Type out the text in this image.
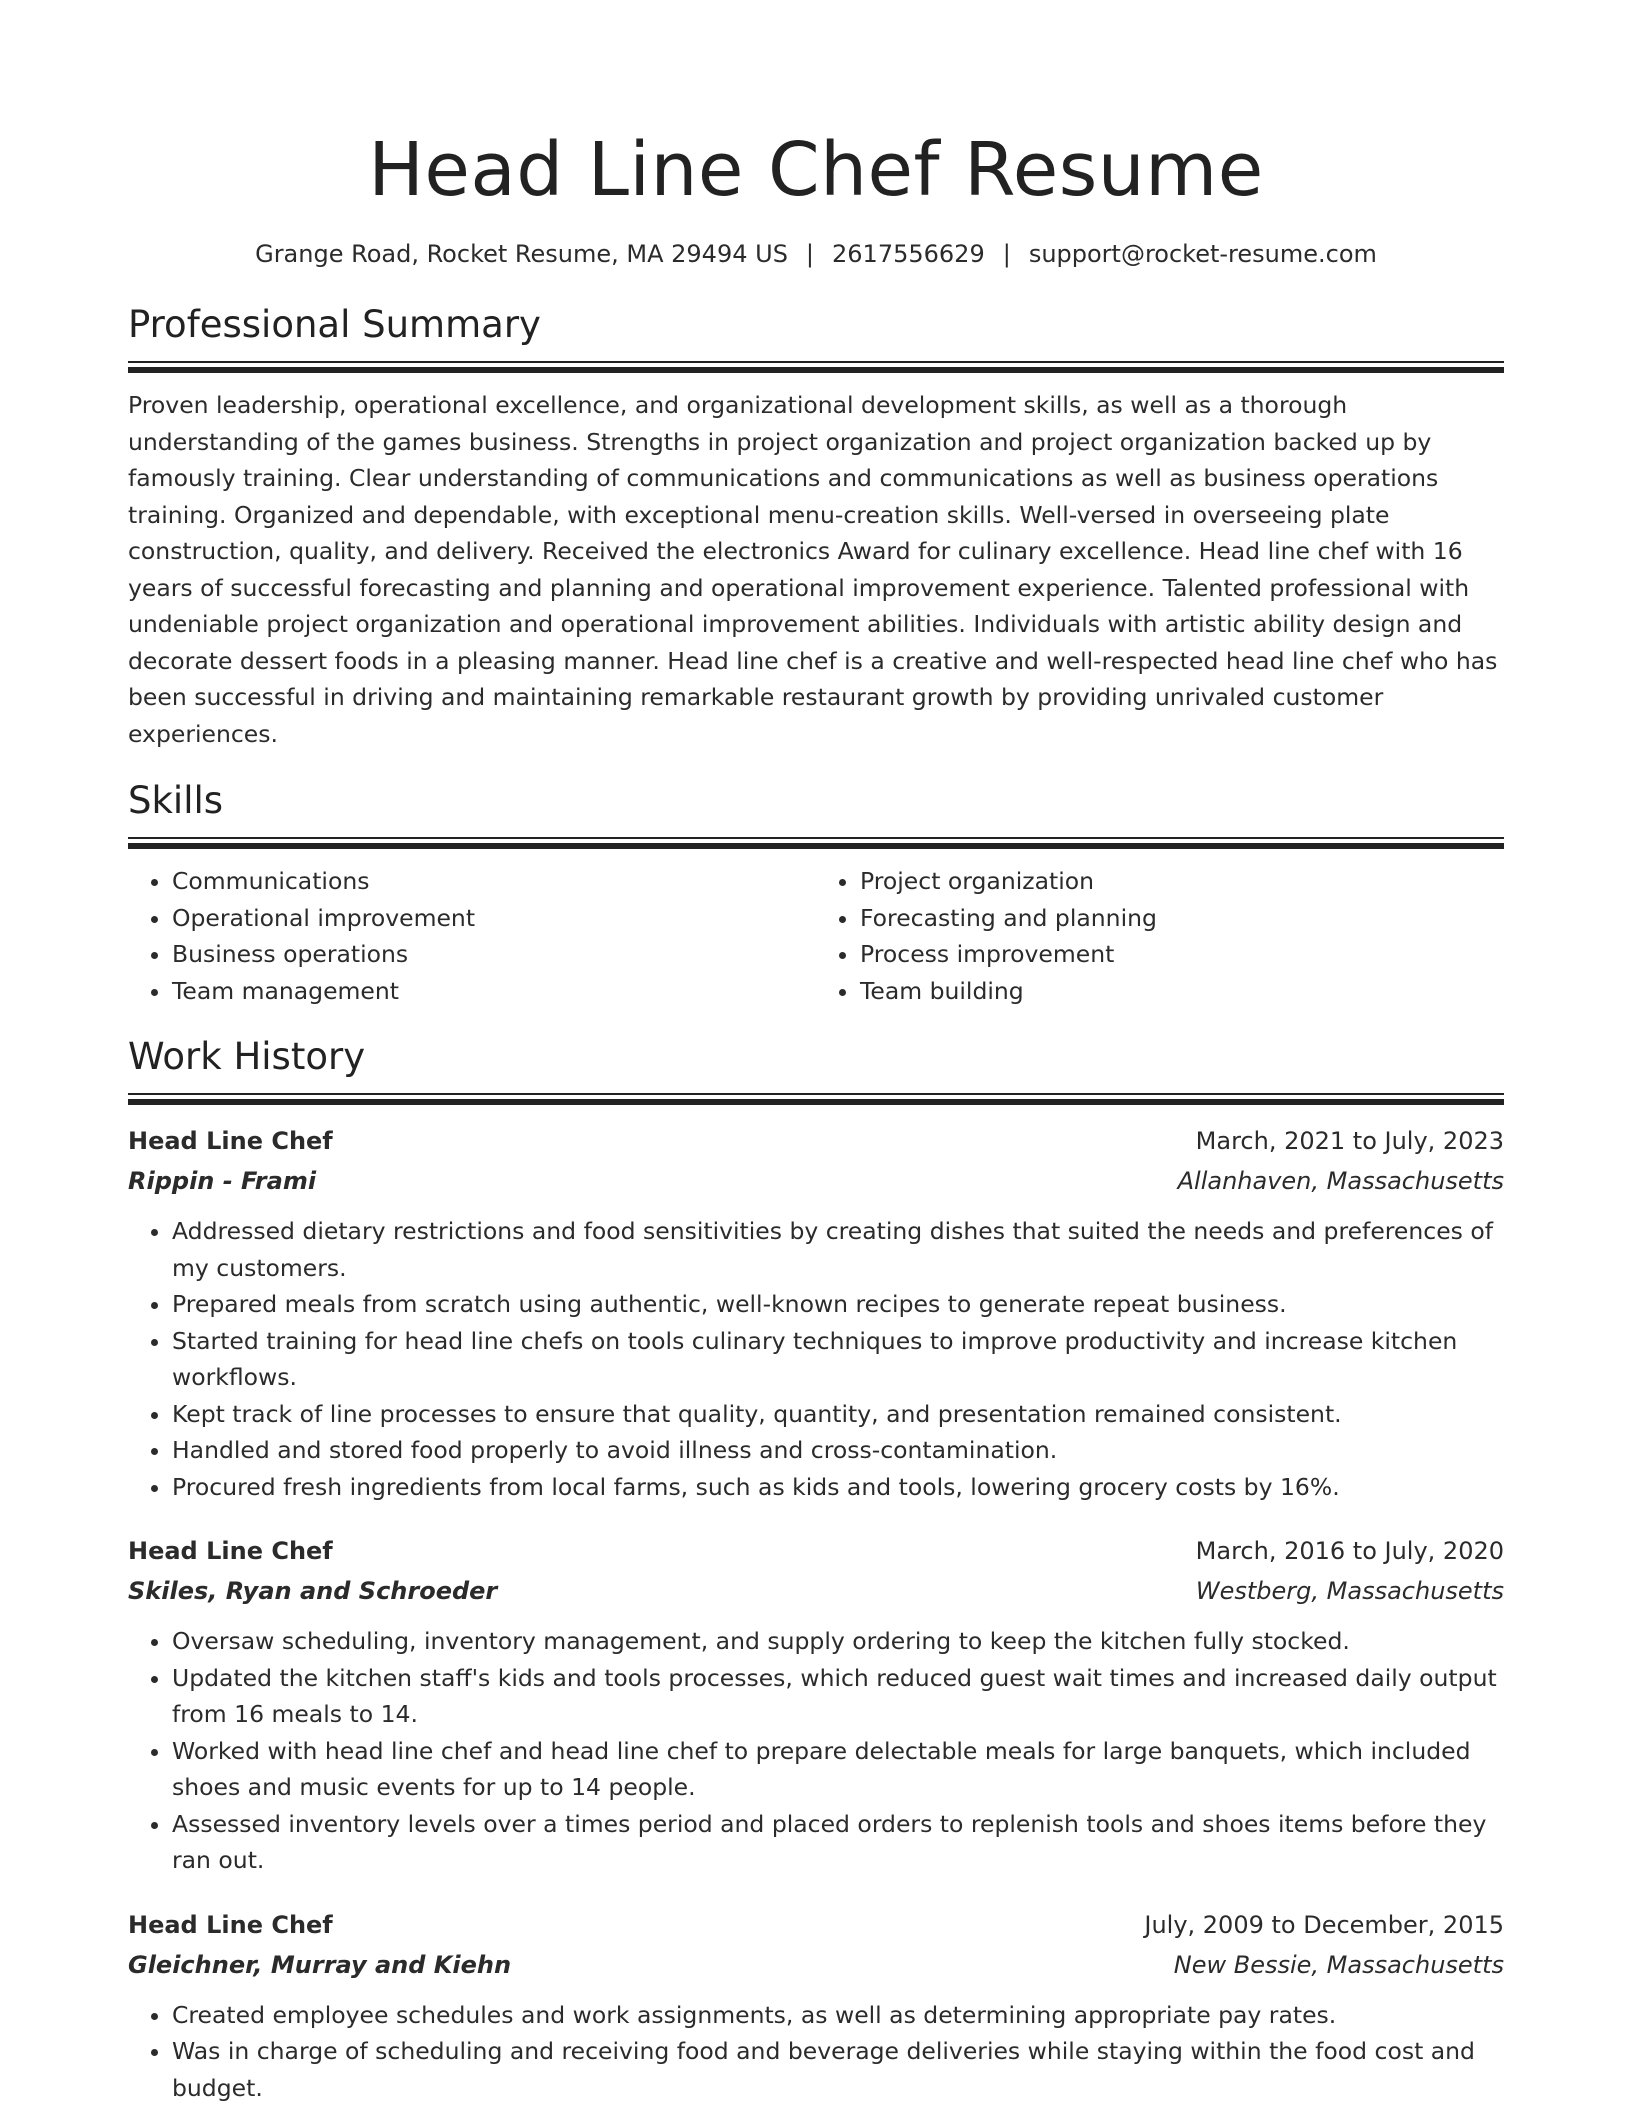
Head Line Chef Resume
Grange Road, Rocket Resume, MA 29494 US | 2617556629 | support@rocket-resume.com
Professional Summary

Proven leadership, operational excellence, and organizational development skills, as well as a thorough understanding of the games business. Strengths in project organization and project organization backed up by famously training. Clear understanding of communications and communications as well as business operations training. Organized and dependable, with exceptional menu-creation skills. Well-versed in overseeing plate construction, quality, and delivery. Received the electronics Award for culinary excellence. Head line chef with 16 years of successful forecasting and planning and operational improvement experience. Talented professional with undeniable project organization and operational improvement abilities. Individuals with artistic ability design and decorate dessert foods in a pleasing manner. Head line chef is a creative and well-respected head line chef who has been successful in driving and maintaining remarkable restaurant growth by providing unrivaled customer experiences.

Skills
• Communications
• Operational improvement
• Business operations
• Team management
• Project organization
• Forecasting and planning
• Process improvement
• Team building
Work History
Head Line Chef	March, 2021 to July, 2023
Rippin - Frami	Allanhaven, Massachusetts
• Addressed dietary restrictions and food sensitivities by creating dishes that suited the needs and preferences of my customers.
• Prepared meals from scratch using authentic, well-known recipes to generate repeat business.
• Started training for head line chefs on tools culinary techniques to improve productivity and increase kitchen workflows.
• Kept track of line processes to ensure that quality, quantity, and presentation remained consistent.
• Handled and stored food properly to avoid illness and cross-contamination.
• Procured fresh ingredients from local farms, such as kids and tools, lowering grocery costs by 16%.
Head Line Chef	March, 2016 to July, 2020
Skiles, Ryan and Schroeder	Westberg, Massachusetts
• Oversaw scheduling, inventory management, and supply ordering to keep the kitchen fully stocked.
• Updated the kitchen staff's kids and tools processes, which reduced guest wait times and increased daily output from 16 meals to 14.
• Worked with head line chef and head line chef to prepare delectable meals for large banquets, which included shoes and music events for up to 14 people.
• Assessed inventory levels over a times period and placed orders to replenish tools and shoes items before they ran out.
Head Line Chef	July, 2009 to December, 2015
Gleichner, Murray and Kiehn	New Bessie, Massachusetts
• Created employee schedules and work assignments, as well as determining appropriate pay rates.
• Was in charge of scheduling and receiving food and beverage deliveries while staying within the food cost and budget.
